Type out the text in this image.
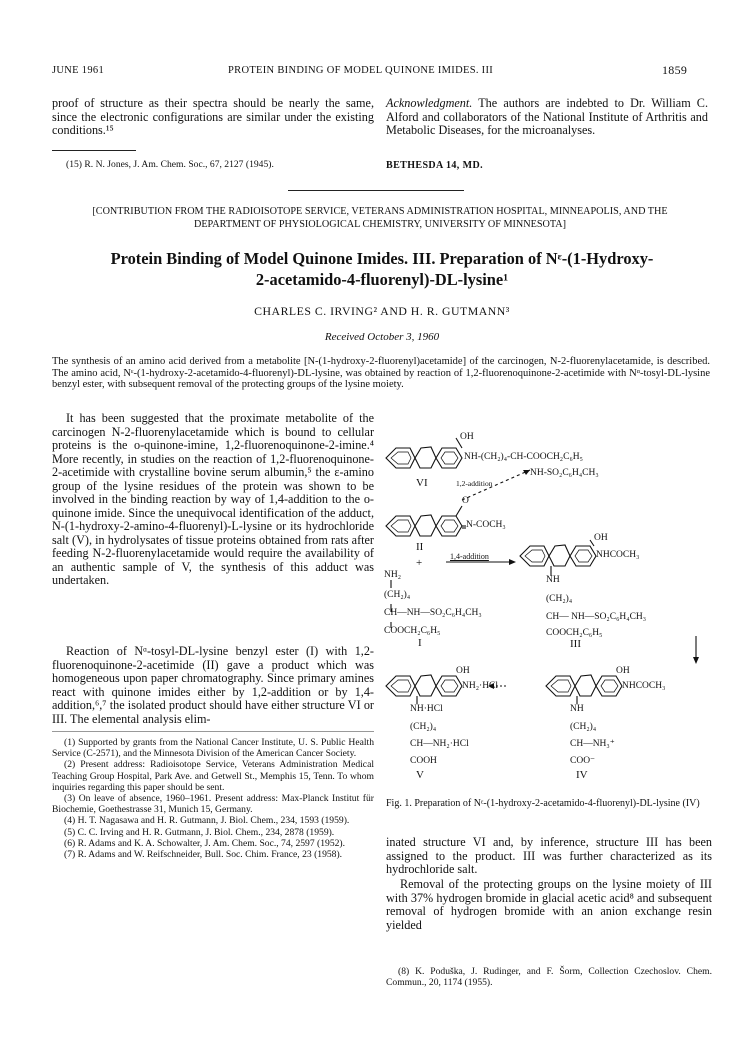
JUNE 1961	PROTEIN BINDING OF MODEL QUINONE IMIDES. III	1859
proof of structure as their spectra should be nearly the same, since the electronic configurations are similar under the existing conditions.¹⁵
(15) R. N. Jones, J. Am. Chem. Soc., 67, 2127 (1945).
Acknowledgment. The authors are indebted to Dr. William C. Alford and collaborators of the National Institute of Arthritis and Metabolic Diseases, for the microanalyses.
BETHESDA 14, MD.
[CONTRIBUTION FROM THE RADIOISOTOPE SERVICE, VETERANS ADMINISTRATION HOSPITAL, MINNEAPOLIS, AND THE DEPARTMENT OF PHYSIOLOGICAL CHEMISTRY, UNIVERSITY OF MINNESOTA]
Protein Binding of Model Quinone Imides. III. Preparation of Nᵋ-(1-Hydroxy-
2-acetamido-4-fluorenyl)-DL-lysine¹
CHARLES C. IRVING² AND H. R. GUTMANN³
Received October 3, 1960
The synthesis of an amino acid derived from a metabolite [N-(1-hydroxy-2-fluorenyl)acetamide] of the carcinogen, N-2-fluorenylacetamide, is described. The amino acid, Nᵋ-(1-hydroxy-2-acetamido-4-fluorenyl)-DL-lysine, was obtained by reaction of 1,2-fluorenoquinone-2-acetimide with Nᵅ-tosyl-DL-lysine benzyl ester, with subsequent removal of the protecting groups of the lysine moiety.
It has been suggested that the proximate metabolite of the carcinogen N-2-fluorenylacetamide which is bound to cellular proteins is the o-quinone-imine, 1,2-fluorenoquinone-2-imine.⁴ More recently, in studies on the reaction of 1,2-fluorenoquinone-2-acetimide with crystalline bovine serum albumin,⁵ the ε-amino group of the lysine residues of the protein was shown to be involved in the binding reaction by way of 1,4-addition to the o-quinone imide. Since the unequivocal identification of the adduct, N-(1-hydroxy-2-amino-4-fluorenyl)-L-lysine or its hydrochloride salt (V), in hydrolysates of tissue proteins obtained from rats after feeding N-2-fluorenylacetamide would require the availability of an authentic sample of V, the synthesis of this adduct was undertaken.
Reaction of Nᵅ-tosyl-DL-lysine benzyl ester (I) with 1,2-fluorenoquinone-2-acetimide (II) gave a product which was homogeneous upon paper chromatography. Since primary amines react with quinone imides either by 1,2-addition or by 1,4-addition,⁶,⁷ the isolated product should have either structure VI or III. The elemental analysis elim-
(1) Supported by grants from the National Cancer Institute, U. S. Public Health Service (C-2571), and the Minnesota Division of the American Cancer Society.
(2) Present address: Radioisotope Service, Veterans Administration Medical Teaching Group Hospital, Park Ave. and Getwell St., Memphis 15, Tenn. To whom inquiries regarding this paper should be sent.
(3) On leave of absence, 1960–1961. Present address: Max-Planck Institut für Biochemie, Goethestrasse 31, Munich 15, Germany.
(4) H. T. Nagasawa and H. R. Gutmann, J. Biol. Chem., 234, 1593 (1959).
(5) C. C. Irving and H. R. Gutmann, J. Biol. Chem., 234, 2878 (1959).
(6) R. Adams and K. A. Schowalter, J. Am. Chem. Soc., 74, 2597 (1952).
(7) R. Adams and W. Reifschneider, Bull. Soc. Chim. France, 23 (1958).
OH
NH-(CH₂)₄-CH-COOCH₂C₆H₅
NH-SO₂C₆H₄CH₃
VI	1,2-addition
O
N-COCH₃
II
+
1,4-addition
OH
NHCOCH₃
NH
(CH₂)₄
CH— NH—SO₂C₆H₄CH₃
COOCH₂C₆H₅
III
NH₂
(CH₂)₄
CH—NH—SO₂C₆H₄CH₃
COOCH₂C₆H₅
I
OH
NH₂·HCl
NH·HCl
(CH₂)₄
CH—NH₂·HCl
COOH
V
OH
NHCOCH₃
NH
(CH₂)₄
CH—NH₃⁺
COO⁻
IV
Fig. 1. Preparation of Nᵋ-(1-hydroxy-2-acetamido-4-fluorenyl)-DL-lysine (IV)
inated structure VI and, by inference, structure III has been assigned to the product. III was further characterized as its hydrochloride salt.
Removal of the protecting groups on the lysine moiety of III with 37% hydrogen bromide in glacial acetic acid⁸ and subsequent removal of hydrogen bromide with an anion exchange resin yielded
(8) K. Poduška, J. Rudinger, and F. Šorm, Collection Czechoslov. Chem. Commun., 20, 1174 (1955).
